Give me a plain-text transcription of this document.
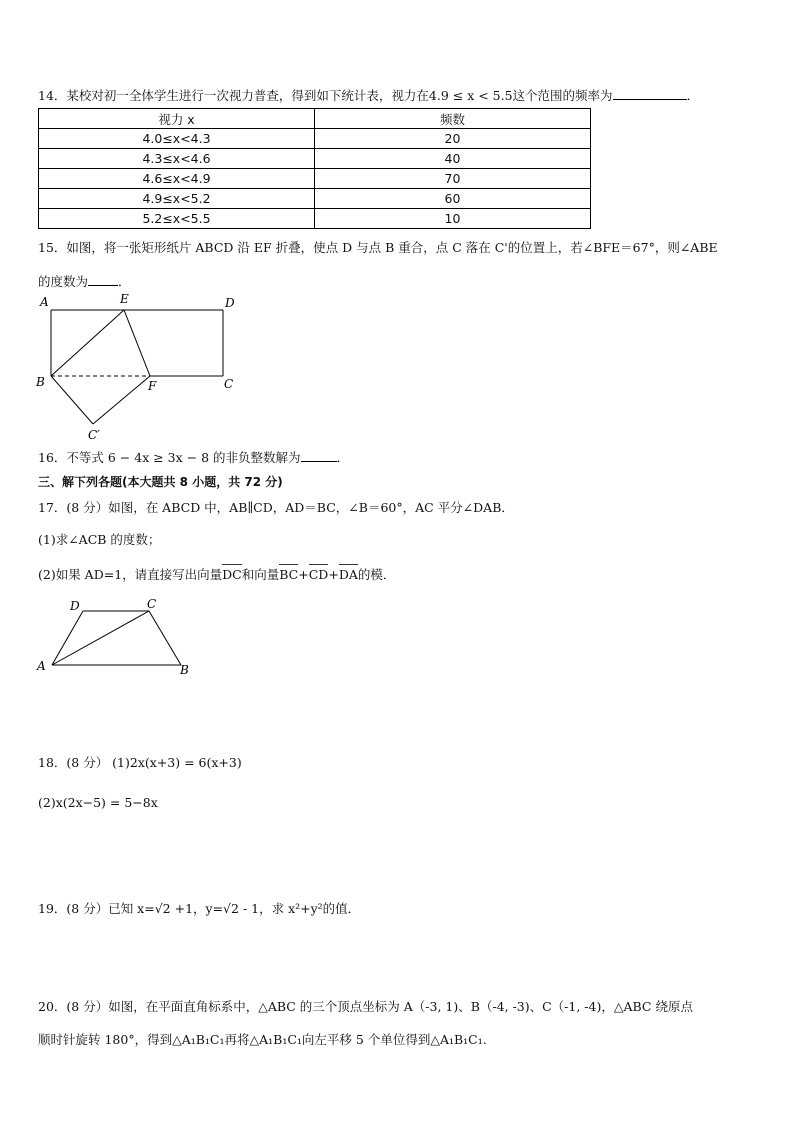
14．某校对初一全体学生进行一次视力普查，得到如下统计表，视力在4.9 ≤ x < 5.5这个范围的频率为	．
视力 x	频数
4.0≤x<4.3	20
4.3≤x<4.6	40
4.6≤x<4.9	70
4.9≤x<5.2	60
5.2≤x<5.5	10
15．如图，将一张矩形纸片 ABCD 沿 EF 折叠，使点 D 与点 B 重合，点 C 落在 C'的位置上，若∠BFE＝67°，则∠ABE
的度数为 ．
A	E	D
B	F	C
C′
16．不等式 6 − 4x ≥ 3x − 8 的非负整数解为	．
三、解下列各题(本大题共 8 小题，共 72 分)
17．(8 分）如图，在 ABCD 中，AB∥CD，AD＝BC，∠B＝60°，AC 平分∠DAB．
(1)求∠ACB 的度数；
(2)如果 AD=1，请直接写出向量DC和向量BC+CD+DA的模．
D	C
A	B
18．(8 分） (1)2x(x+3) = 6(x+3)
(2)x(2x−5) = 5−8x
19．(8 分）已知 x=√2 +1，y=√2 - 1，求 x²+y²的值．
20．(8 分）如图，在平面直角标系中，△ABC 的三个顶点坐标为 A（-3, 1)、B（-4, -3)、C（-1, -4)，△ABC 绕原点
顺时针旋转 180°，得到△A₁B₁C₁再将△A₁B₁C₁向左平移 5 个单位得到△A₁B₁C₁.
